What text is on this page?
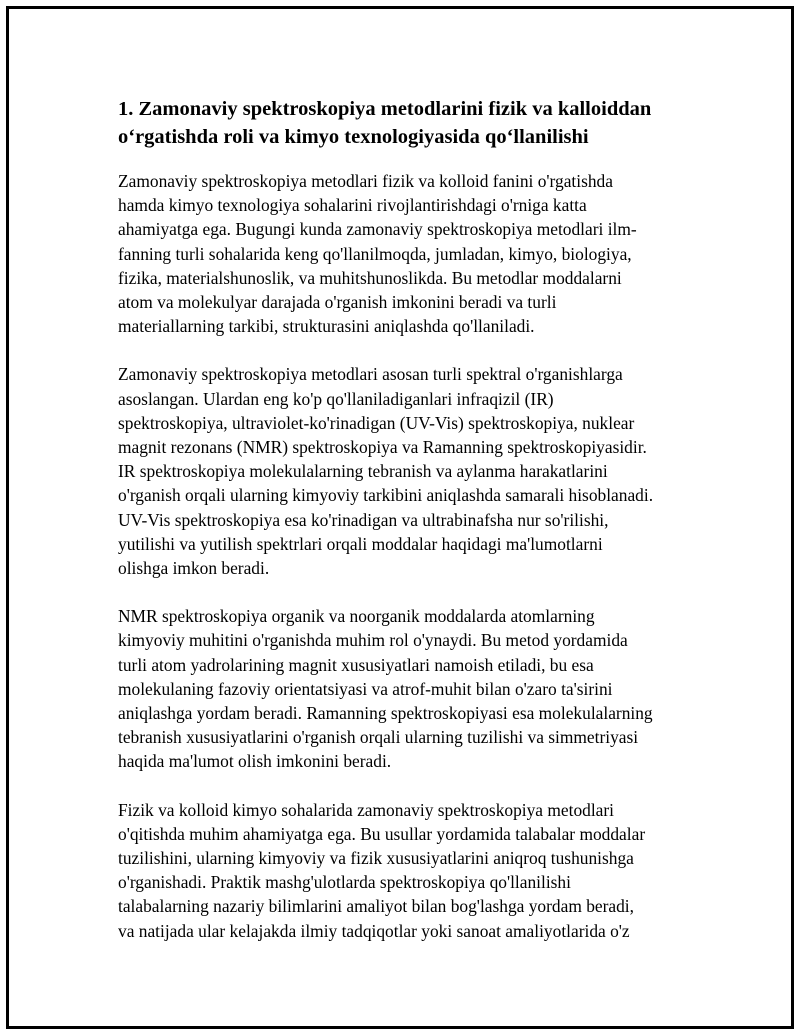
1. Zamonaviy spektroskopiya metodlarini fizik va kalloiddan
o‘rgatishda roli va kimyo texnologiyasida qo‘llanilishi

Zamonaviy spektroskopiya metodlari fizik va kolloid fanini o'rgatishda
hamda kimyo texnologiya sohalarini rivojlantirishdagi o'rniga katta
ahamiyatga ega. Bugungi kunda zamonaviy spektroskopiya metodlari ilm-
fanning turli sohalarida keng qo'llanilmoqda, jumladan, kimyo, biologiya,
fizika, materialshunoslik, va muhitshunoslikda. Bu metodlar moddalarni
atom va molekulyar darajada o'rganish imkonini beradi va turli
materiallarning tarkibi, strukturasini aniqlashda qo'llaniladi.

Zamonaviy spektroskopiya metodlari asosan turli spektral o'rganishlarga
asoslangan. Ulardan eng ko'p qo'llaniladiganlari infraqizil (IR)
spektroskopiya, ultraviolet-ko'rinadigan (UV-Vis) spektroskopiya, nuklear
magnit rezonans (NMR) spektroskopiya va Ramanning spektroskopiyasidir.
IR spektroskopiya molekulalarning tebranish va aylanma harakatlarini
o'rganish orqali ularning kimyoviy tarkibini aniqlashda samarali hisoblanadi.
UV-Vis spektroskopiya esa ko'rinadigan va ultrabinafsha nur so'rilishi,
yutilishi va yutilish spektrlari orqali moddalar haqidagi ma'lumotlarni
olishga imkon beradi.

NMR spektroskopiya organik va noorganik moddalarda atomlarning
kimyoviy muhitini o'rganishda muhim rol o'ynaydi. Bu metod yordamida
turli atom yadrolarining magnit xususiyatlari namoish etiladi, bu esa
molekulaning fazoviy orientatsiyasi va atrof-muhit bilan o'zaro ta'sirini
aniqlashga yordam beradi. Ramanning spektroskopiyasi esa molekulalarning
tebranish xususiyatlarini o'rganish orqali ularning tuzilishi va simmetriyasi
haqida ma'lumot olish imkonini beradi.

Fizik va kolloid kimyo sohalarida zamonaviy spektroskopiya metodlari
o'qitishda muhim ahamiyatga ega. Bu usullar yordamida talabalar moddalar
tuzilishini, ularning kimyoviy va fizik xususiyatlarini aniqroq tushunishga
o'rganishadi. Praktik mashg'ulotlarda spektroskopiya qo'llanilishi
talabalarning nazariy bilimlarini amaliyot bilan bog'lashga yordam beradi,
va natijada ular kelajakda ilmiy tadqiqotlar yoki sanoat amaliyotlarida o'z
